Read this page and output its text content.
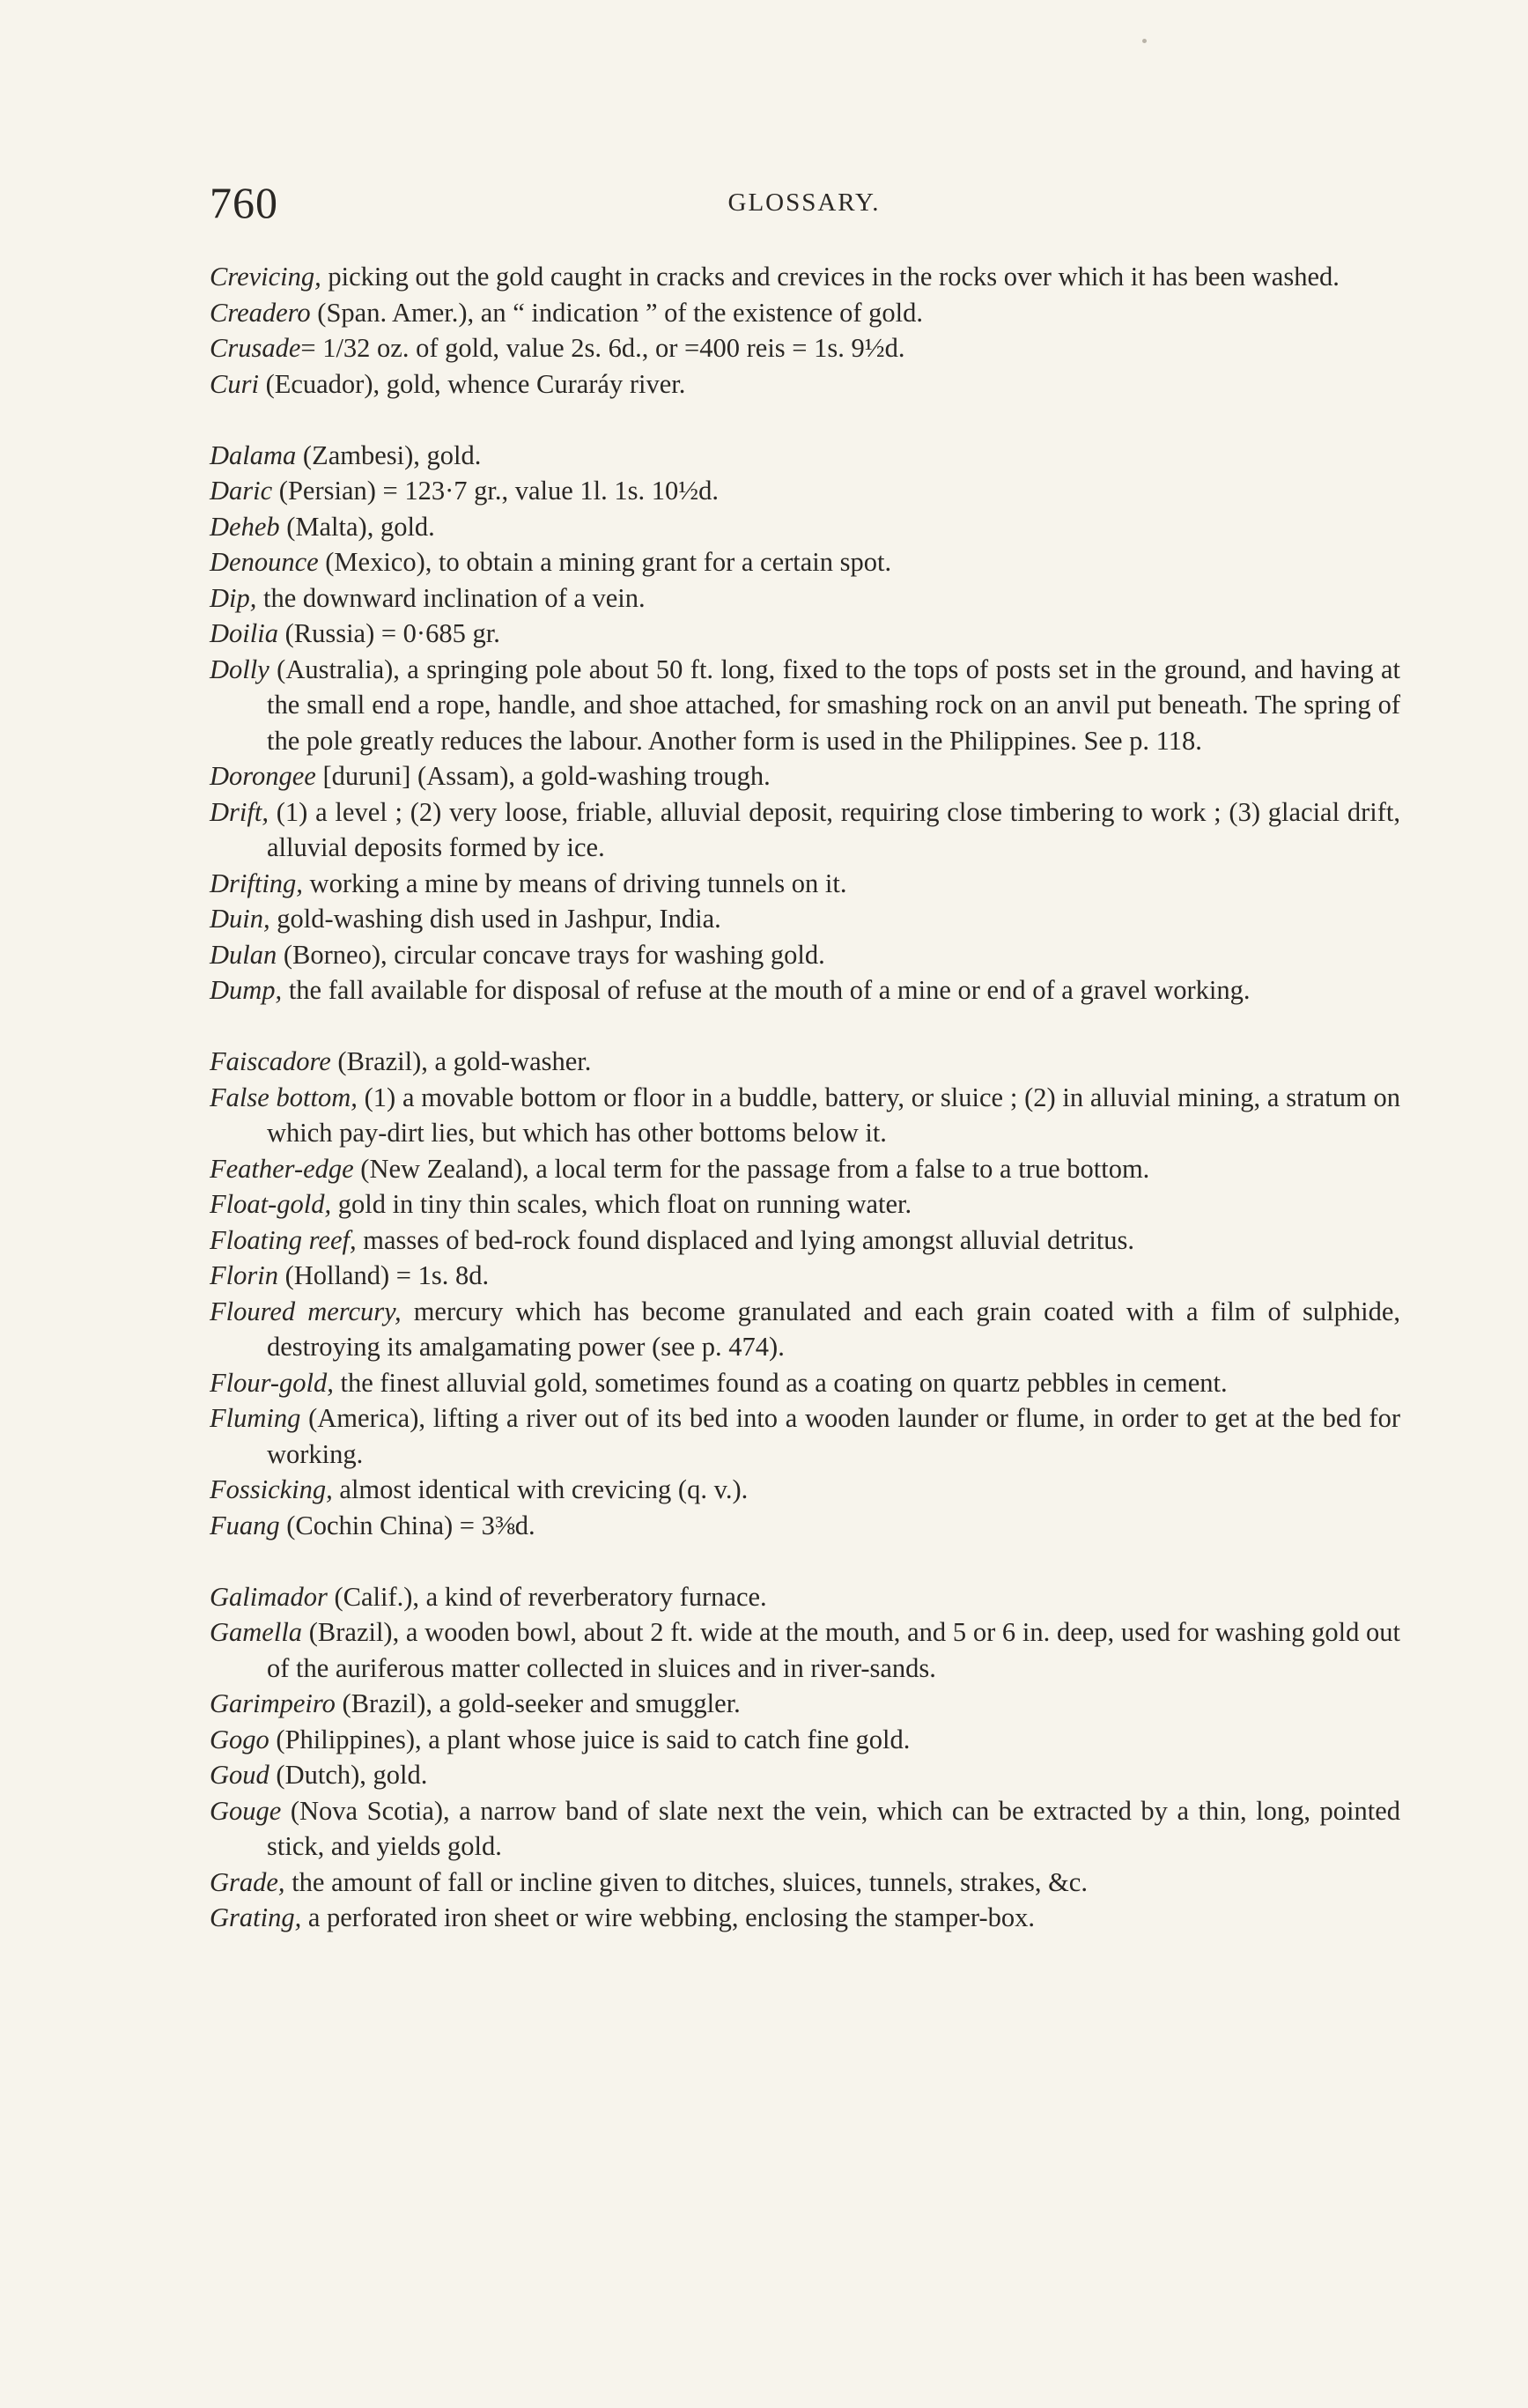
760	GLOSSARY.
Crevicing, picking out the gold caught in cracks and crevices in the rocks over which it has been washed.
Creadero (Span. Amer.), an “ indication ” of the existence of gold.
Crusade= 1/32 oz. of gold, value 2s. 6d., or =400 reis = 1s. 9½d.
Curi (Ecuador), gold, whence Curaráy river.
Dalama (Zambesi), gold.
Daric (Persian) = 123·7 gr., value 1l. 1s. 10½d.
Deheb (Malta), gold.
Denounce (Mexico), to obtain a mining grant for a certain spot.
Dip, the downward inclination of a vein.
Doilia (Russia) = 0·685 gr.
Dolly (Australia), a springing pole about 50 ft. long, fixed to the tops of posts set in the ground, and having at the small end a rope, handle, and shoe attached, for smashing rock on an anvil put beneath. The spring of the pole greatly reduces the labour. Another form is used in the Philippines. See p. 118.
Dorongee [duruni] (Assam), a gold-washing trough.
Drift, (1) a level ; (2) very loose, friable, alluvial deposit, requiring close timbering to work ; (3) glacial drift, alluvial deposits formed by ice.
Drifting, working a mine by means of driving tunnels on it.
Duin, gold-washing dish used in Jashpur, India.
Dulan (Borneo), circular concave trays for washing gold.
Dump, the fall available for disposal of refuse at the mouth of a mine or end of a gravel working.
Faiscadore (Brazil), a gold-washer.
False bottom, (1) a movable bottom or floor in a buddle, battery, or sluice ; (2) in alluvial mining, a stratum on which pay-dirt lies, but which has other bottoms below it.
Feather-edge (New Zealand), a local term for the passage from a false to a true bottom.
Float-gold, gold in tiny thin scales, which float on running water.
Floating reef, masses of bed-rock found displaced and lying amongst alluvial detritus.
Florin (Holland) = 1s. 8d.
Floured mercury, mercury which has become granulated and each grain coated with a film of sulphide, destroying its amalgamating power (see p. 474).
Flour-gold, the finest alluvial gold, sometimes found as a coating on quartz pebbles in cement.
Fluming (America), lifting a river out of its bed into a wooden launder or flume, in order to get at the bed for working.
Fossicking, almost identical with crevicing (q. v.).
Fuang (Cochin China) = 3⅜d.
Galimador (Calif.), a kind of reverberatory furnace.
Gamella (Brazil), a wooden bowl, about 2 ft. wide at the mouth, and 5 or 6 in. deep, used for washing gold out of the auriferous matter collected in sluices and in river-sands.
Garimpeiro (Brazil), a gold-seeker and smuggler.
Gogo (Philippines), a plant whose juice is said to catch fine gold.
Goud (Dutch), gold.
Gouge (Nova Scotia), a narrow band of slate next the vein, which can be extracted by a thin, long, pointed stick, and yields gold.
Grade, the amount of fall or incline given to ditches, sluices, tunnels, strakes, &c.
Grating, a perforated iron sheet or wire webbing, enclosing the stamper-box.
